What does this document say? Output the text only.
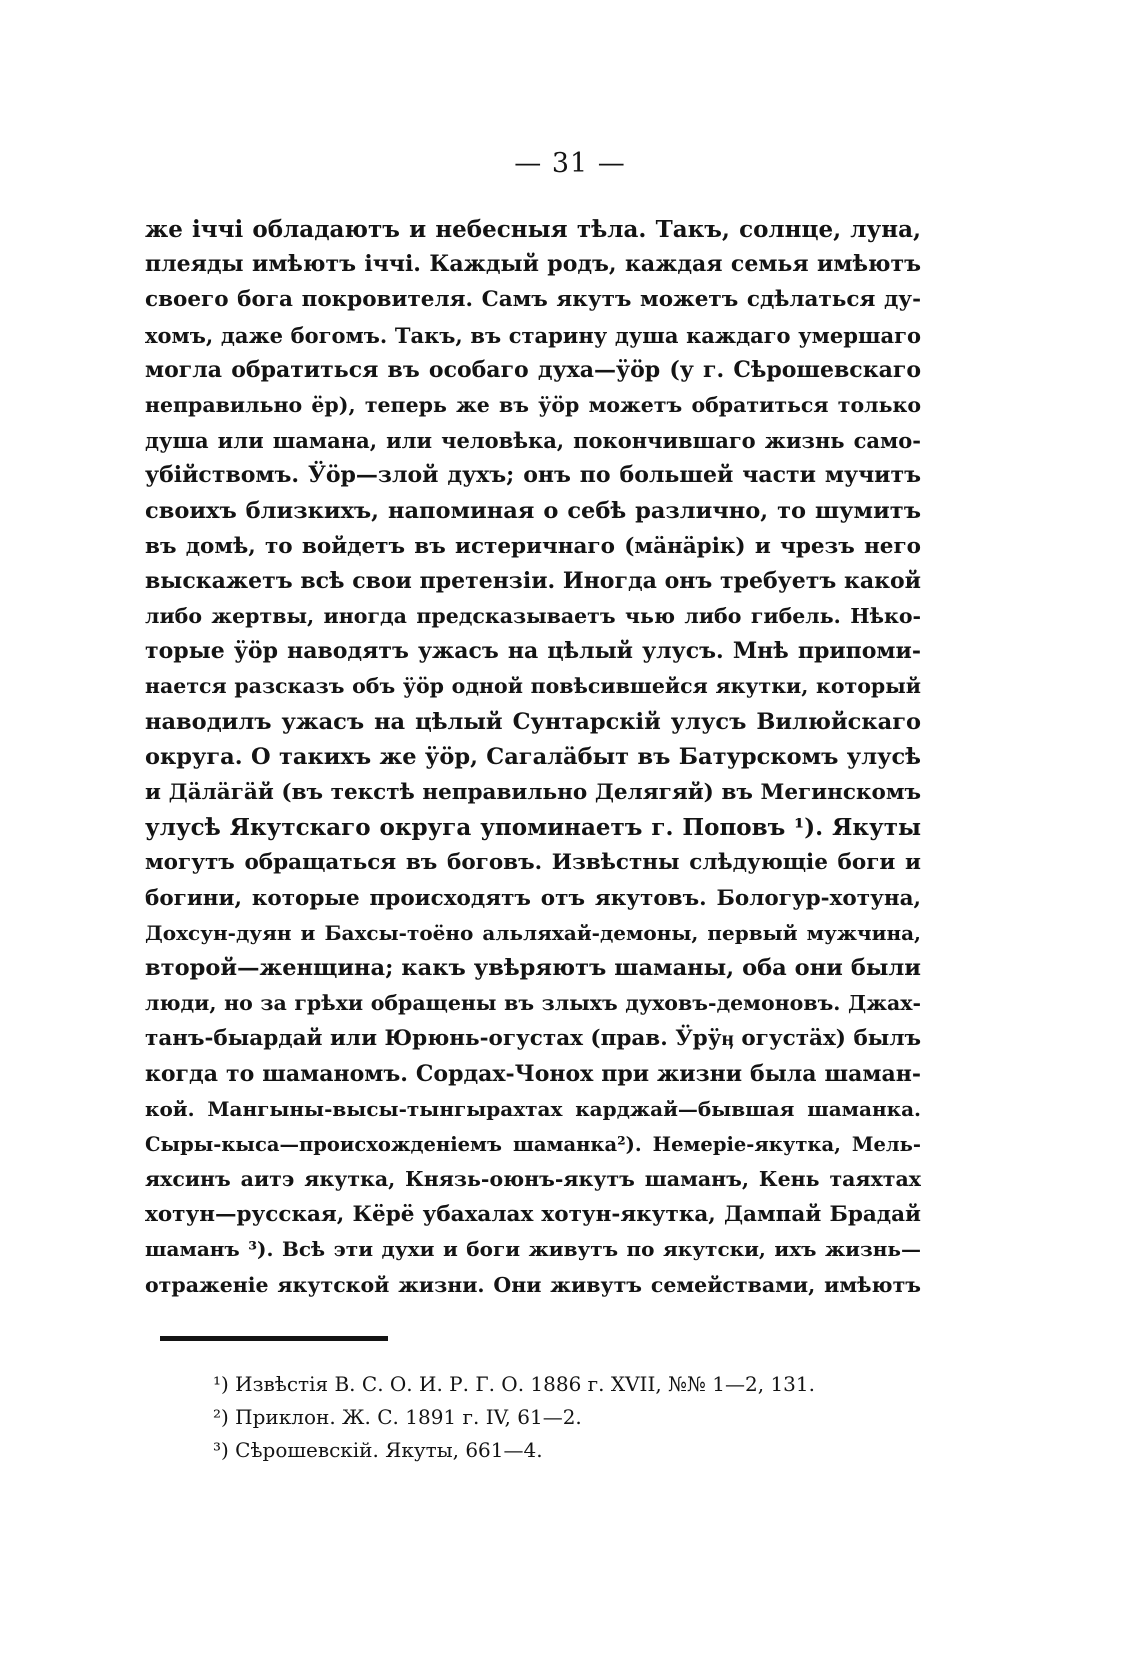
— 31 —
же іччі обладаютъ и небесныя тѣла. Такъ, солнце, луна,
плеяды имѣютъ іччі. Каждый родъ, каждая семья имѣютъ
своего бога покровителя. Самъ якутъ можетъ сдѣлаться ду-
хомъ, даже богомъ. Такъ, въ старину душа каждаго умершаго
могла обратиться въ особаго духа—ӱöр (у г. Сѣрошевскаго
неправильно ёр), теперь же въ ӱöр можетъ обратиться только
душа или шамана, или человѣка, покончившаго жизнь само-
убійствомъ. Ӱöр—злой духъ; онъ по большей части мучитъ
своихъ близкихъ, напоминая о себѣ различно, то шумитъ
въ домѣ, то войдетъ въ истеричнаго (мäнäрік) и чрезъ него
выскажетъ всѣ свои претензіи. Иногда онъ требуетъ какой
либо жертвы, иногда предсказываетъ чью либо гибель. Нѣко-
торые ӱöр наводятъ ужасъ на цѣлый улусъ. Мнѣ припоми-
нается разсказъ объ ӱöр одной повѣсившейся якутки, который
наводилъ ужасъ на цѣлый Сунтарскій улусъ Вилюйскаго
округа. О такихъ же ӱöр, Сагалäбыт въ Батурскомъ улусѣ
и Дäлäгäй (въ текстѣ неправильно Делягяй) въ Мегинскомъ
улусѣ Якутскаго округа упоминаетъ г. Поповъ ¹). Якуты
могутъ обращаться въ боговъ. Извѣстны слѣдующіе боги и
богини, которые происходятъ отъ якутовъ. Бологур-хотуна,
Дохсун-дуян и Бахсы-тоёно альляхай-демоны, первый мужчина,
второй—женщина; какъ увѣряютъ шаманы, оба они были
люди, но за грѣхи обращены въ злыхъ духовъ-демоновъ. Джах-
танъ-быардай или Юрюнь-огустах (прав. Ӱрӱӊ огустäх) былъ
когда то шаманомъ. Сордах-Чонох при жизни была шаман-
кой. Мангыны-высы-тынгырахтах карджай—бывшая шаманка.
Сыры-кыса—происхожденіемъ шаманка²). Немеріе-якутка, Мель-
яхсинъ аитэ якутка, Князь-оюнъ-якутъ шаманъ, Кень таяхтах
хотун—русская, Кёрё убахалах хотун-якутка, Дампай Брадай
шаманъ ³). Всѣ эти духи и боги живутъ по якутски, ихъ жизнь—
отраженіе якутской жизни. Они живутъ семействами, имѣютъ
¹) Извѣстія В. С. О. И. Р. Г. О. 1886 г. XVII, №№ 1—2, 131.
²) Приклон. Ж. С. 1891 г. IV, 61—2.
³) Сѣрошевскій. Якуты, 661—4.
